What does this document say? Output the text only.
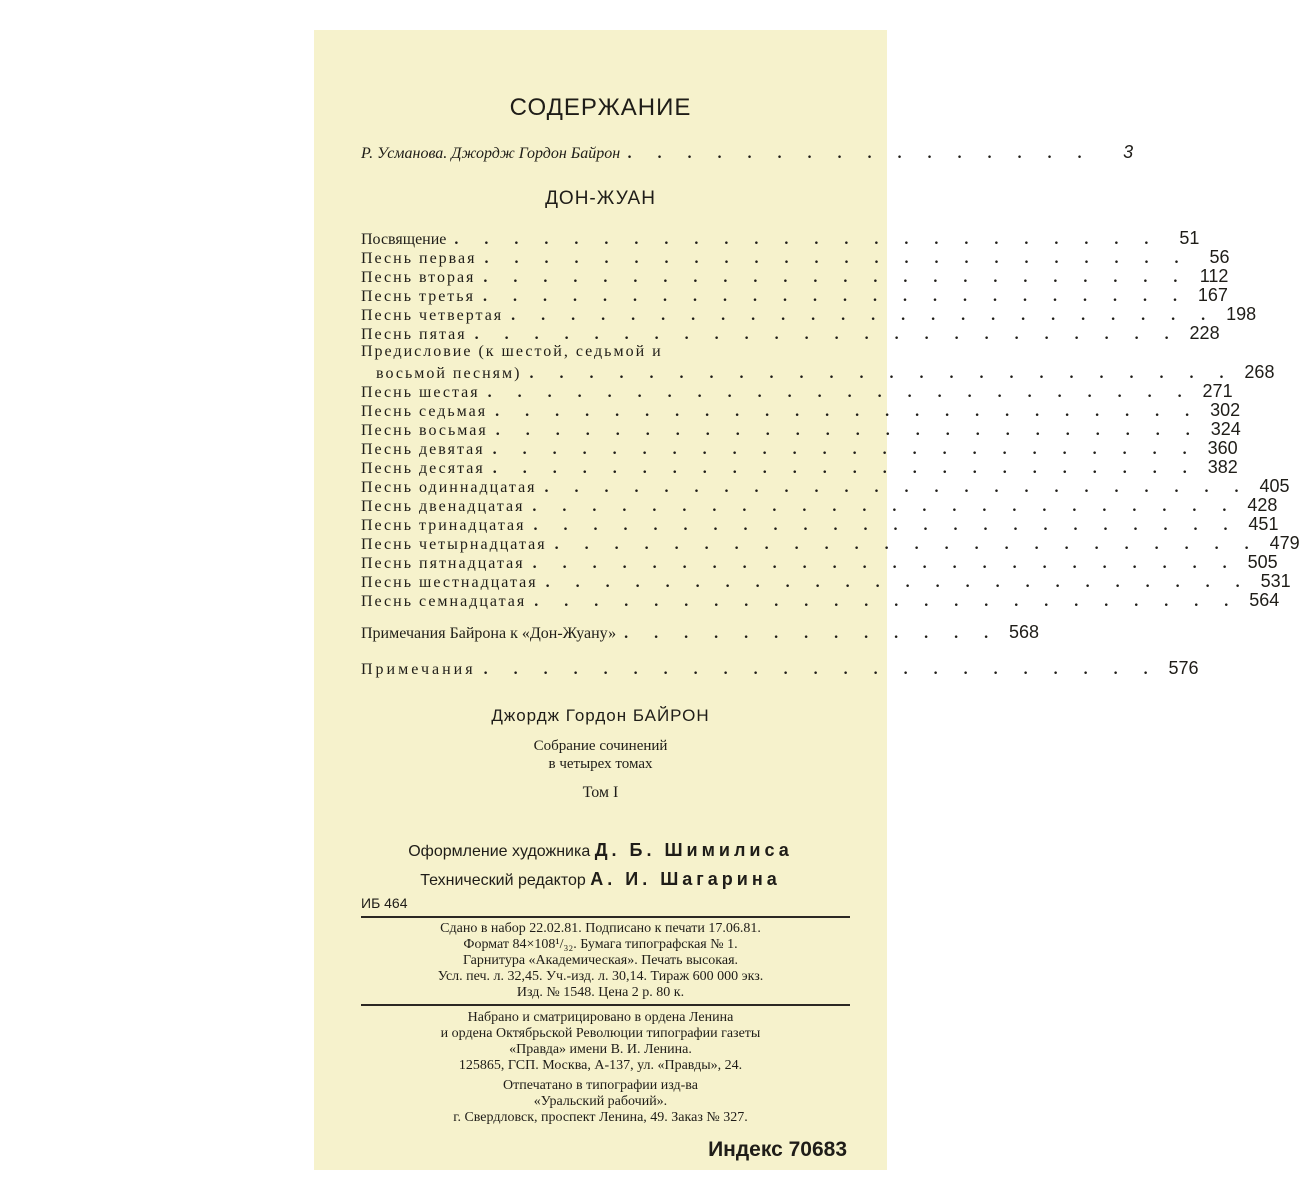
СОДЕРЖАНИЕ
Р. Усманова. Джордж Гордон Байрон . . . . . . . . . . . . . . . .	3
ДОН-ЖУАН
Посвящение . . . . . . . . . . . . . . . . . . . . . . . .	51
Песнь первая . . . . . . . . . . . . . . . . . . . . . . . .	56
Песнь вторая . . . . . . . . . . . . . . . . . . . . . . . . 112
Песнь третья . . . . . . . . . . . . . . . . . . . . . . . . 167
Песнь четвертая . . . . . . . . . . . . . . . . . . . . . . . . 198
Песнь пятая . . . . . . . . . . . . . . . . . . . . . . . . 228
Предисловие (к шестой, седьмой и
восьмой песням) . . . . . . . . . . . . . . . . . . . . . . . . 268
Песнь шестая . . . . . . . . . . . . . . . . . . . . . . . . 271
Песнь седьмая . . . . . . . . . . . . . . . . . . . . . . . . 302
Песнь восьмая . . . . . . . . . . . . . . . . . . . . . . . . 324
Песнь девятая . . . . . . . . . . . . . . . . . . . . . . . . 360
Песнь десятая . . . . . . . . . . . . . . . . . . . . . . . . 382
Песнь одиннадцатая . . . . . . . . . . . . . . . . . . . . . . . . 405
Песнь двенадцатая . . . . . . . . . . . . . . . . . . . . . . . . 428
Песнь тринадцатая . . . . . . . . . . . . . . . . . . . . . . . . 451
Песнь четырнадцатая . . . . . . . . . . . . . . . . . . . . . . . . 479
Песнь пятнадцатая . . . . . . . . . . . . . . . . . . . . . . . . 505
Песнь шестнадцатая . . . . . . . . . . . . . . . . . . . . . . . . 531
Песнь семнадцатая . . . . . . . . . . . . . . . . . . . . . . . . 564
Примечания Байрона к «Дон-Жуану» . . . . . . . . . . . . . 568
Примечания . . . . . . . . . . . . . . . . . . . . . . . 576
Джордж Гордон БАЙРОН
Собрание сочинений
в четырех томах
Том I
Оформление художника Д. Б. Шимилиса
Технический редактор А. И. Шагарина
ИБ 464
Сдано в набор 22.02.81. Подписано к печати 17.06.81.
Формат 84×108¹/₃₂. Бумага типографская № 1.
Гарнитура «Академическая». Печать высокая.
Усл. печ. л. 32,45. Уч.-изд. л. 30,14. Тираж 600 000 экз.
Изд. № 1548. Цена 2 р. 80 к.
Набрано и сматрицировано в ордена Ленина
и ордена Октябрьской Революции типографии газеты
«Правда» имени В. И. Ленина.
125865, ГСП. Москва, А-137, ул. «Правды», 24.
Отпечатано в типографии изд-ва
«Уральский рабочий».
г. Свердловск, проспект Ленина, 49. Заказ № 327.
Индекс 70683
